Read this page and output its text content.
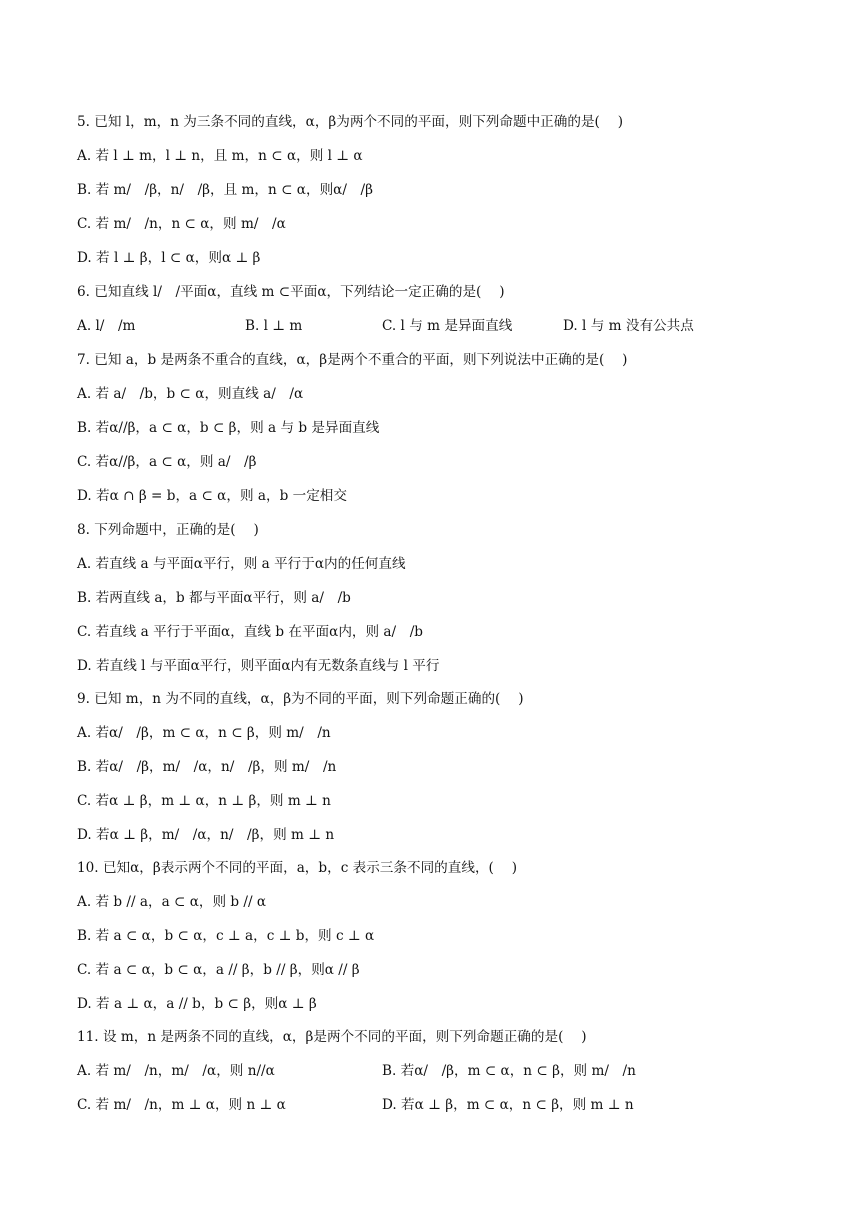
5. 已知 l，m，n 为三条不同的直线，α，β为两个不同的平面，则下列命题中正确的是(　 )
A. 若 l ⊥ m，l ⊥ n，且 m，n ⊂ α，则 l ⊥ α
B. 若 m/　/β，n/　/β，且 m，n ⊂ α，则α/　/β
C. 若 m/　/n，n ⊂ α，则 m/　/α
D. 若 l ⊥ β，l ⊂ α，则α ⊥ β
6. 已知直线 l/　/平面α，直线 m ⊂平面α，下列结论一定正确的是(　 )
A. l/　/m	B. l ⊥ m	C. l 与 m 是异面直线	D. l 与 m 没有公共点
7. 已知 a，b 是两条不重合的直线，α，β是两个不重合的平面，则下列说法中正确的是(　 )
A. 若 a/　/b，b ⊂ α，则直线 a/　/α
B. 若α//β，a ⊂ α，b ⊂ β，则 a 与 b 是异面直线
C. 若α//β，a ⊂ α，则 a/　/β
D. 若α ∩ β = b，a ⊂ α，则 a，b 一定相交
8. 下列命题中，正确的是(　 )
A. 若直线 a 与平面α平行，则 a 平行于α内的任何直线
B. 若两直线 a，b 都与平面α平行，则 a/　/b
C. 若直线 a 平行于平面α，直线 b 在平面α内，则 a/　/b
D. 若直线 l 与平面α平行，则平面α内有无数条直线与 l 平行
9. 已知 m，n 为不同的直线，α，β为不同的平面，则下列命题正确的(　 )
A. 若α/　/β，m ⊂ α，n ⊂ β，则 m/　/n
B. 若α/　/β，m/　/α，n/　/β，则 m/　/n
C. 若α ⊥ β，m ⊥ α，n ⊥ β，则 m ⊥ n
D. 若α ⊥ β，m/　/α，n/　/β，则 m ⊥ n
10. 已知α，β表示两个不同的平面，a，b，c 表示三条不同的直线，(　 )
A. 若 b // a，a ⊂ α，则 b // α
B. 若 a ⊂ α，b ⊂ α，c ⊥ a，c ⊥ b，则 c ⊥ α
C. 若 a ⊂ α，b ⊂ α，a // β，b // β，则α // β
D. 若 a ⊥ α，a // b，b ⊂ β，则α ⊥ β
11. 设 m，n 是两条不同的直线，α，β是两个不同的平面，则下列命题正确的是(　 )
A. 若 m/　/n，m/　/α，则 n//α	B. 若α/　/β，m ⊂ α，n ⊂ β，则 m/　/n
C. 若 m/　/n，m ⊥ α，则 n ⊥ α	D. 若α ⊥ β，m ⊂ α，n ⊂ β，则 m ⊥ n
